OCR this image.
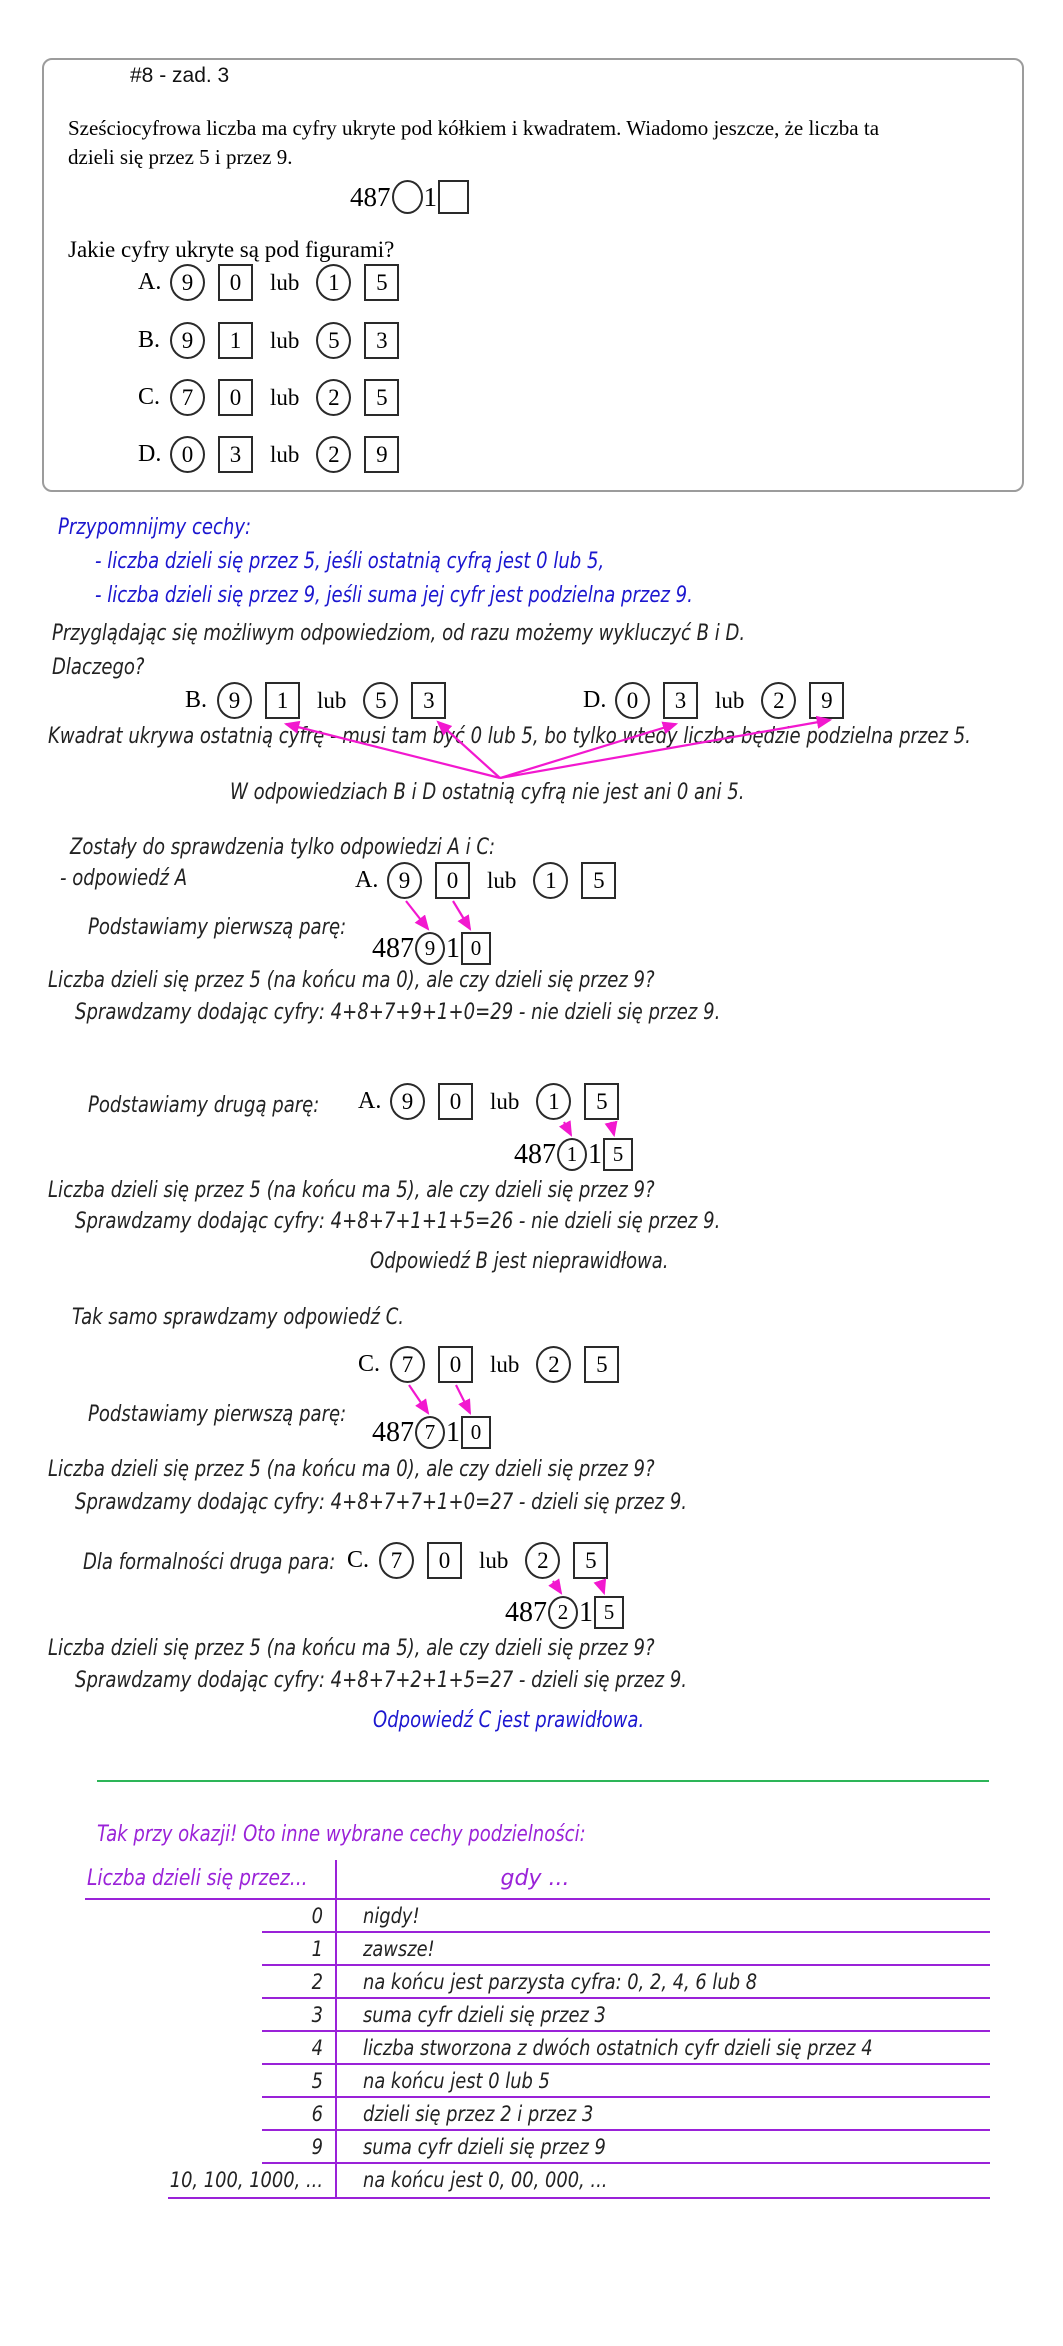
#8 - zad. 3
Sześciocyfrowa liczba ma cyfry ukryte pod kółkiem i kwadratem. Wiadomo jeszcze, że liczba ta
dzieli się przez 5 i przez 9.
487 1
Jakie cyfry ukryte są pod figurami?
A. 9	0	lub	1	5
B. 9	1	lub	5	3
C. 7	0	lub	2	5
D. 0	3	lub	2	9
Przypomnijmy cechy:
- liczba dzieli się przez 5, jeśli ostatnią cyfrą jest 0 lub 5,
- liczba dzieli się przez 9, jeśli suma jej cyfr jest podzielna przez 9.
Przyglądając się możliwym odpowiedziom, od razu możemy wykluczyć B i D.
Dlaczego?
B. 9	1	lub	5	3	D. 0	3	lub	2	9
Kwadrat ukrywa ostatnią cyfrę - musi tam być 0 lub 5, bo tylko wtedy liczba będzie podzielna przez 5.
W odpowiedziach B i D ostatnią cyfrą nie jest ani 0 ani 5.
Zostały do sprawdzenia tylko odpowiedzi A i C:
- odpowiedź A	A. 9	0	lub	1	5
Podstawiamy pierwszą parę:
487 9 1 0
Liczba dzieli się przez 5 (na końcu ma 0), ale czy dzieli się przez 9?
Sprawdzamy dodając cyfry: 4+8+7+9+1+0=29 - nie dzieli się przez 9.
Podstawiamy drugą parę: A. 9	0	lub	1	5
487 1 1 5
Liczba dzieli się przez 5 (na końcu ma 5), ale czy dzieli się przez 9?
Sprawdzamy dodając cyfry: 4+8+7+1+1+5=26 - nie dzieli się przez 9.
Odpowiedź B jest nieprawidłowa.
Tak samo sprawdzamy odpowiedź C.
C. 7	0	lub	2	5
Podstawiamy pierwszą parę:
487 7 1 0
Liczba dzieli się przez 5 (na końcu ma 0), ale czy dzieli się przez 9?
Sprawdzamy dodając cyfry: 4+8+7+7+1+0=27 - dzieli się przez 9.
Dla formalności druga para: C. 7	0	lub	2	5
487 2 1 5
Liczba dzieli się przez 5 (na końcu ma 5), ale czy dzieli się przez 9?
Sprawdzamy dodając cyfry: 4+8+7+2+1+5=27 - dzieli się przez 9.
Odpowiedź C jest prawidłowa.
Tak przy okazji! Oto inne wybrane cechy podzielności:
Liczba dzieli się przez...	gdy ...
0 nigdy!
1 zawsze!
2 na końcu jest parzysta cyfra: 0, 2, 4, 6 lub 8
3 suma cyfr dzieli się przez 3
4 liczba stworzona z dwóch ostatnich cyfr dzieli się przez 4
5 na końcu jest 0 lub 5
6 dzieli się przez 2 i przez 3
9 suma cyfr dzieli się przez 9
10, 100, 1000, ... na końcu jest 0, 00, 000, ...
